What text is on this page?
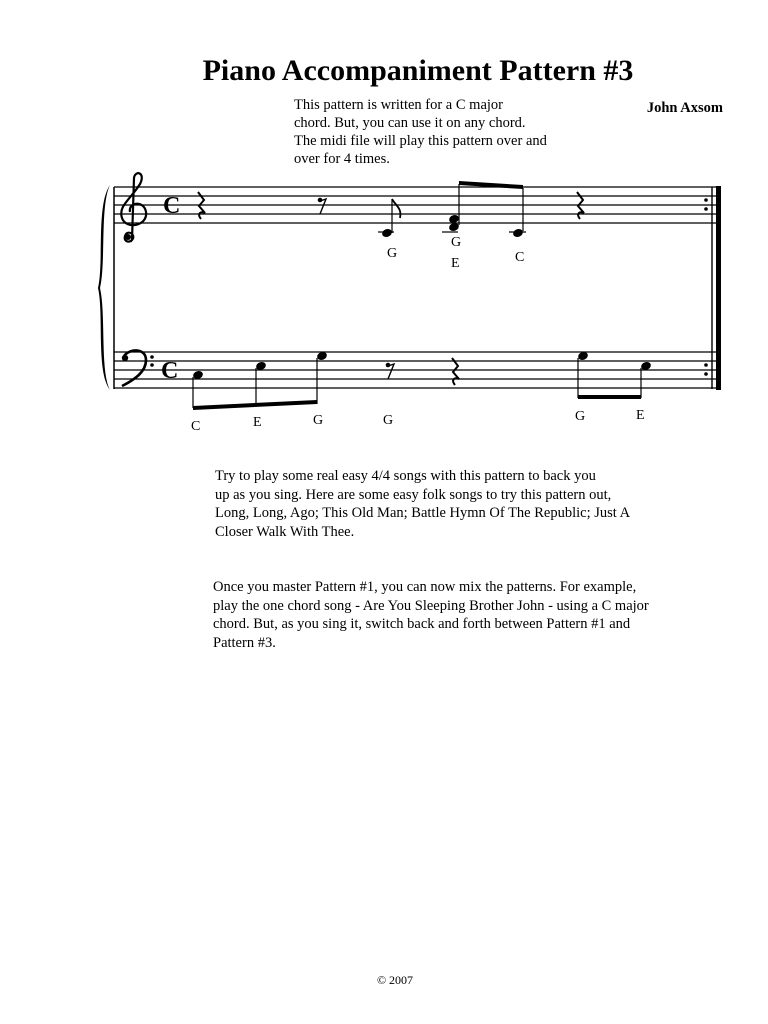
Piano Accompaniment Pattern #3
This pattern is written for a C major
chord. But, you can use it on any chord.
The midi file will play this pattern over and
over for 4 times.
John Axsom
C
C
G
G
E	C
C	E	G	G	G	E
Try to play some real easy 4/4 songs with this pattern to back you
up as you sing. Here are some easy folk songs to try this pattern out,
Long, Long, Ago; This Old Man; Battle Hymn Of The Republic; Just A
Closer Walk With Thee.
Once you master Pattern #1, you can now mix the patterns. For example,
play the one chord song - Are You Sleeping Brother John - using a C major
chord. But, as you sing it, switch back and forth between Pattern #1 and
Pattern #3.
© 2007
